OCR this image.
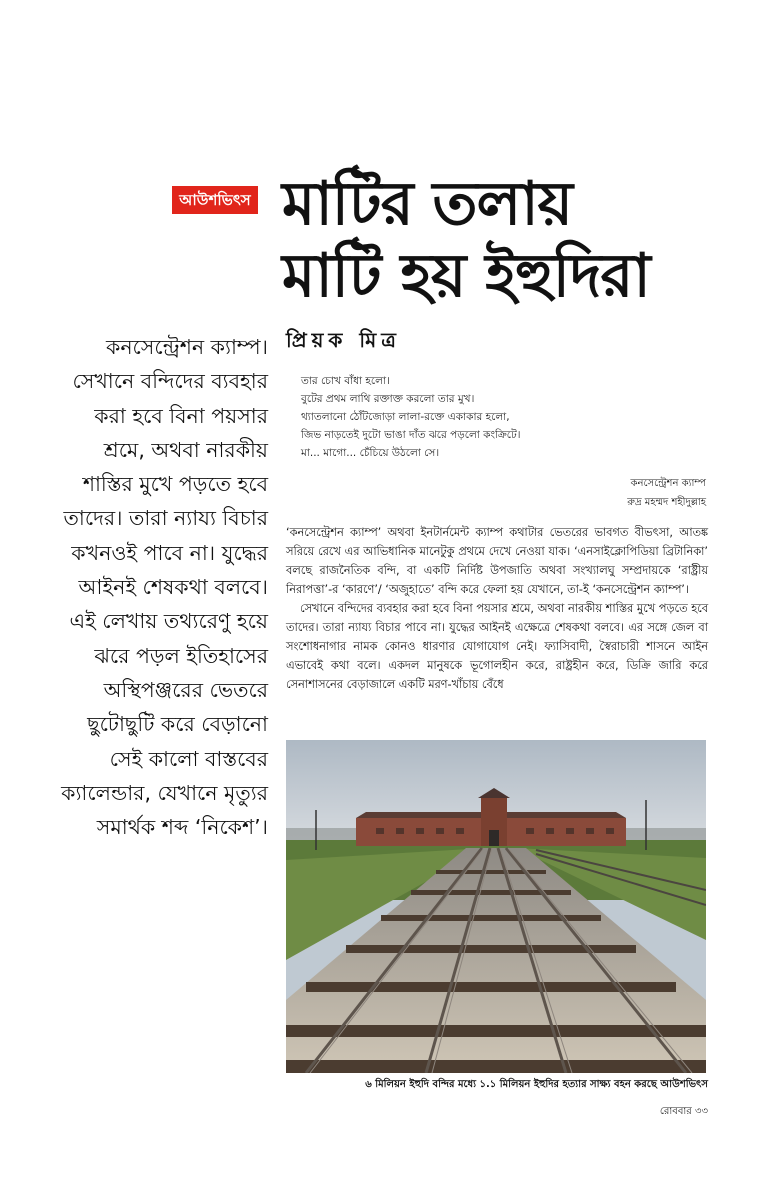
আউশভিৎস মাটির তলায়
মাটি হয় ইহুদিরা
কনসেন্ট্রেশন ক্যাম্প। সেখানে বন্দিদের ব্যবহার করা হবে বিনা পয়সার শ্রমে, অথবা নারকীয় শাস্তির মুখে পড়তে হবে তাদের। তারা ন্যায্য বিচার কখনওই পাবে না। যুদ্ধের আইনই শেষকথা বলবে। এই লেখায় তথ্যরেণু হয়ে ঝরে পড়ল ইতিহাসের অস্থিপঞ্জরের ভেতরে ছুটোছুটি করে বেড়ানো সেই কালো বাস্তবের ক্যালেন্ডার, যেখানে মৃত্যুর সমার্থক শব্দ ‘নিকেশ’।
প্রিয়ক মিত্র
তার চোখ বাঁধা হলো।
বুটের প্রথম লাথি রক্তাক্ত করলো তার মুখ।
থ্যাতলানো ঠোঁটজোড়া লালা-রক্তে একাকার হলো,
জিভ নাড়তেই দুটো ভাঙা দাঁত ঝরে পড়লো কংক্রিটে।
মা... মাগো... চেঁচিয়ে উঠলো সে।
কনসেন্ট্রেশন ক্যাম্প
রুদ্র মহম্মদ শহীদুল্লাহ

‘কনসেন্ট্রেশন ক্যাম্প’ অথবা ইনটার্নমেন্ট ক্যাম্প কথাটার ভেতরের ভাবগত বীভৎসা, আতঙ্ক সরিয়ে রেখে এর আভিধানিক মানেটুকু প্রথমে দেখে নেওয়া যাক। ‘এনসাইক্লোপিডিয়া ব্রিটানিকা’ বলছে রাজনৈতিক বন্দি, বা একটি নির্দিষ্ট উপজাতি অথবা সংখ্যালঘু সম্প্রদায়কে ‘রাষ্ট্রীয় নিরাপত্তা’-র ‘কারণে’/ ‘অজুহাতে’ বন্দি করে ফেলা হয় যেখানে, তা-ই ‘কনসেন্ট্রেশন ক্যাম্প’।

সেখানে বন্দিদের ব্যবহার করা হবে বিনা পয়সার শ্রমে, অথবা নারকীয় শাস্তির মুখে পড়তে হবে তাদের। তারা ন্যায্য বিচার পাবে না। যুদ্ধের আইনই এক্ষেত্রে শেষকথা বলবে। এর সঙ্গে জেল বা সংশোধনাগার নামক কোনও ধারণার যোগাযোগ নেই। ফ্যাসিবাদী, স্বৈরাচারী শাসনে আইন এভাবেই কথা বলে। একদল মানুষকে ভূগোলহীন করে, রাষ্ট্রহীন করে, ডিক্রি জারি করে সেনাশাসনের বেড়াজালে একটি মরণ-খাঁচায় বেঁধে

৬ মিলিয়ন ইহুদি বন্দির মধ্যে ১.১ মিলিয়ন ইহুদির হত্যার সাক্ষ্য বহন করছে আউশভিৎস
রোববার ৩৩
